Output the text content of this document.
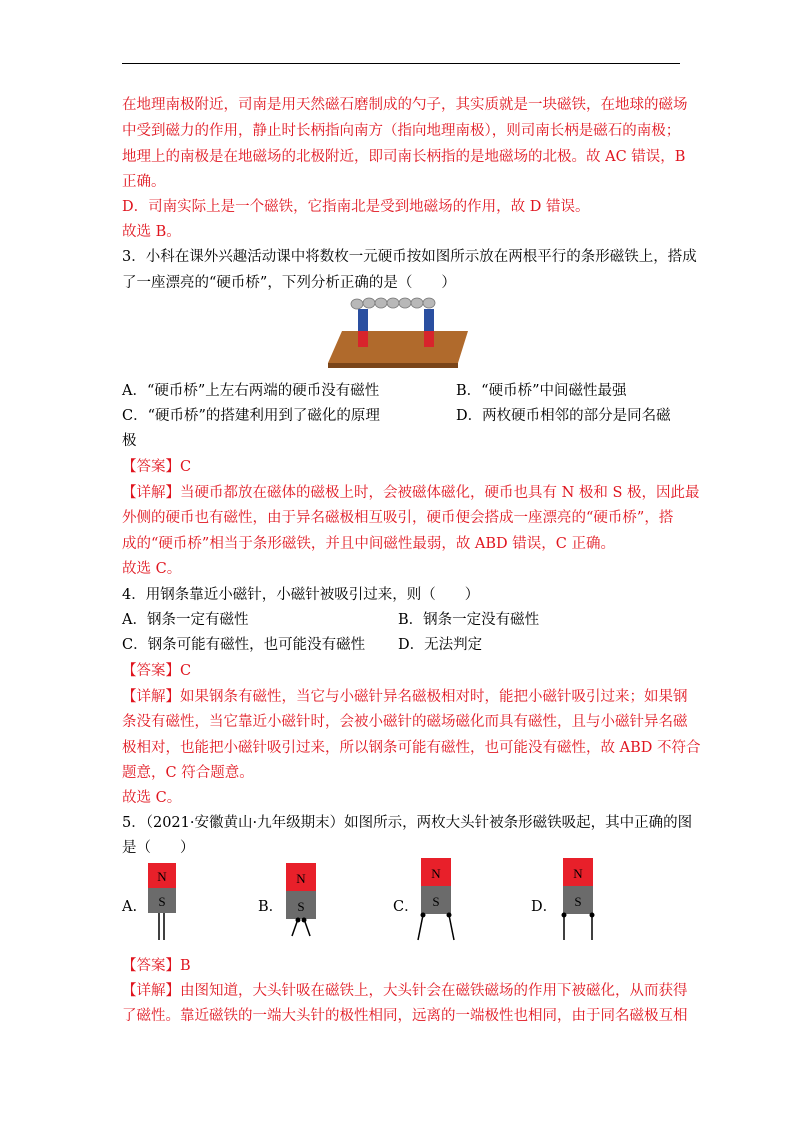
在地理南极附近，司南是用天然磁石磨制成的勺子，其实质就是一块磁铁，在地球的磁场
中受到磁力的作用，静止时长柄指向南方（指向地理南极），则司南长柄是磁石的南极；
地理上的南极是在地磁场的北极附近，即司南长柄指的是地磁场的北极。故 AC 错误，B
正确。
D．司南实际上是一个磁铁，它指南北是受到地磁场的作用，故 D 错误。
故选 B。
3．小科在课外兴趣活动课中将数枚一元硬币按如图所示放在两根平行的条形磁铁上，搭成
了一座漂亮的“硬币桥”，下列分析正确的是（　　）
A．“硬币桥”上左右两端的硬币没有磁性	B．“硬币桥”中间磁性最强
C．“硬币桥”的搭建利用到了磁化的原理	D．两枚硬币相邻的部分是同名磁
极
【答案】C
【详解】当硬币都放在磁体的磁极上时，会被磁体磁化，硬币也具有 N 极和 S 极，因此最
外侧的硬币也有磁性，由于异名磁极相互吸引，硬币便会搭成一座漂亮的“硬币桥”，搭
成的“硬币桥”相当于条形磁铁，并且中间磁性最弱，故 ABD 错误，C 正确。
故选 C。
4．用钢条靠近小磁针，小磁针被吸引过来，则（　　）
A．钢条一定有磁性	B．钢条一定没有磁性
C．钢条可能有磁性，也可能没有磁性 D．无法判定
【答案】C
【详解】如果钢条有磁性，当它与小磁针异名磁极相对时，能把小磁针吸引过来；如果钢
条没有磁性，当它靠近小磁针时，会被小磁针的磁场磁化而具有磁性，且与小磁针异名磁
极相对，也能把小磁针吸引过来，所以钢条可能有磁性，也可能没有磁性，故 ABD 不符合
题意，C 符合题意。
故选 C。
5．（2021·安徽黄山·九年级期末）如图所示，两枚大头针被条形磁铁吸起，其中正确的图
是（　　）
A.
N
S	B．
N
S	C．
N
S	D．
N
S
【答案】B
【详解】由图知道，大头针吸在磁铁上，大头针会在磁铁磁场的作用下被磁化，从而获得
了磁性。靠近磁铁的一端大头针的极性相同，远离的一端极性也相同，由于同名磁极互相
